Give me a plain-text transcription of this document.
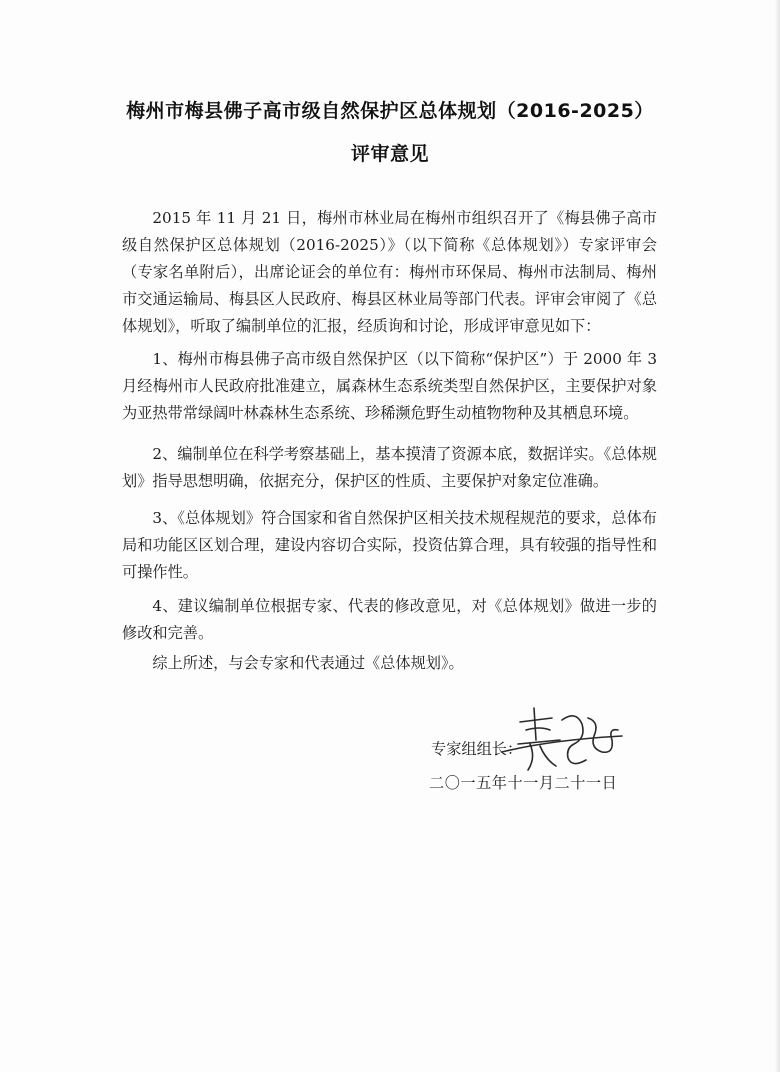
梅州市梅县佛子高市级自然保护区总体规划（2016-2025）
评审意见

2015 年 11 月 21 日，梅州市林业局在梅州市组织召开了《梅县佛子高市级自然保护区总体规划（2016-2025）》（以下简称《总体规划》）专家评审会（专家名单附后），出席论证会的单位有：梅州市环保局、梅州市法制局、梅州市交通运输局、梅县区人民政府、梅县区林业局等部门代表。评审会审阅了《总体规划》，听取了编制单位的汇报，经质询和讨论，形成评审意见如下：

1、梅州市梅县佛子高市级自然保护区（以下简称“保护区”）于 2000 年 3 月经梅州市人民政府批准建立，属森林生态系统类型自然保护区，主要保护对象为亚热带常绿阔叶林森林生态系统、珍稀濒危野生动植物物种及其栖息环境。

2、编制单位在科学考察基础上，基本摸清了资源本底，数据详实。《总体规划》指导思想明确，依据充分，保护区的性质、主要保护对象定位准确。

3、《总体规划》符合国家和省自然保护区相关技术规程规范的要求，总体布局和功能区区划合理，建设内容切合实际，投资估算合理，具有较强的指导性和可操作性。

4、建议编制单位根据专家、代表的修改意见，对《总体规划》做进一步的修改和完善。

综上所述，与会专家和代表通过《总体规划》。

专家组组长：
二〇一五年十一月二十一日
